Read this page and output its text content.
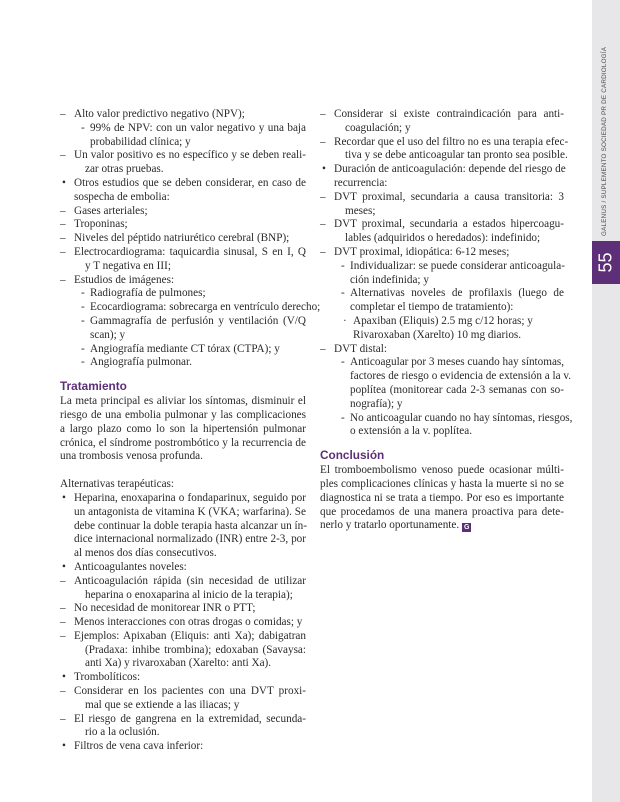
GALENUS / SUPLEMENTO SOCIEDAD PR DE CARDIOLOGÍA
55
– Alto valor predictivo negativo (NPV);
- 99% de NPV: con un valor negativo y una baja
probabilidad clínica; y
– Un valor positivo es no específico y se deben reali-
zar otras pruebas.
• Otros estudios que se deben considerar, en caso de
sospecha de embolia:
– Gases arteriales;
– Troponinas;
– Niveles del péptido natriurético cerebral (BNP);
– Electrocardiograma: taquicardia sinusal, S en I, Q
y T negativa en III;
– Estudios de imágenes:
- Radiografía de pulmones;
- Ecocardiograma: sobrecarga en ventrículo derecho;
- Gammagrafía de perfusión y ventilación (V/Q
scan); y
- Angiografía mediante CT tórax (CTPA); y
- Angiografía pulmonar.
Tratamiento
La meta principal es aliviar los síntomas, disminuir el
riesgo de una embolia pulmonar y las complicaciones
a largo plazo como lo son la hipertensión pulmonar
crónica, el síndrome postrombótico y la recurrencia de
una trombosis venosa profunda.
Alternativas terapéuticas:
• Heparina, enoxaparina o fondaparinux, seguido por
un antagonista de vitamina K (VKA; warfarina). Se
debe continuar la doble terapia hasta alcanzar un ín-
dice internacional normalizado (INR) entre 2-3, por
al menos dos días consecutivos.
• Anticoagulantes noveles:
– Anticoagulación rápida (sin necesidad de utilizar
heparina o enoxaparina al inicio de la terapia);
– No necesidad de monitorear INR o PTT;
– Menos interacciones con otras drogas o comidas; y
– Ejemplos: Apixaban (Eliquis: anti Xa); dabigatran
(Pradaxa: inhibe trombina); edoxaban (Savaysa:
anti Xa) y rivaroxaban (Xarelto: anti Xa).
• Trombolíticos:
– Considerar en los pacientes con una DVT proxi-
mal que se extiende a las iliacas; y
– El riesgo de gangrena en la extremidad, secunda-
rio a la oclusión.
• Filtros de vena cava inferior:
– Considerar si existe contraindicación para anti-
coagulación; y
– Recordar que el uso del filtro no es una terapia efec-
tiva y se debe anticoagular tan pronto sea posible.
• Duración de anticoagulación: depende del riesgo de
recurrencia:
– DVT proximal, secundaria a causa transitoria: 3
meses;
– DVT proximal, secundaria a estados hipercoagu-
lables (adquiridos o heredados): indefinido;
– DVT proximal, idiopática: 6-12 meses;
- Individualizar: se puede considerar anticoagula-
ción indefinida; y
- Alternativas noveles de profilaxis (luego de
completar el tiempo de tratamiento):
· Apaxiban (Eliquis) 2.5 mg c/12 horas; y
Rivaroxaban (Xarelto) 10 mg diarios.
– DVT distal:
- Anticoagular por 3 meses cuando hay síntomas,
factores de riesgo o evidencia de extensión a la v.
poplítea (monitorear cada 2-3 semanas con so-
nografía); y
- No anticoagular cuando no hay síntomas, riesgos,
o extensión a la v. poplítea.
Conclusión
El tromboembolismo venoso puede ocasionar múlti-
ples complicaciones clínicas y hasta la muerte si no se
diagnostica ni se trata a tiempo. Por eso es importante
que procedamos de una manera proactiva para dete-
nerlo y tratarlo oportunamente. G
